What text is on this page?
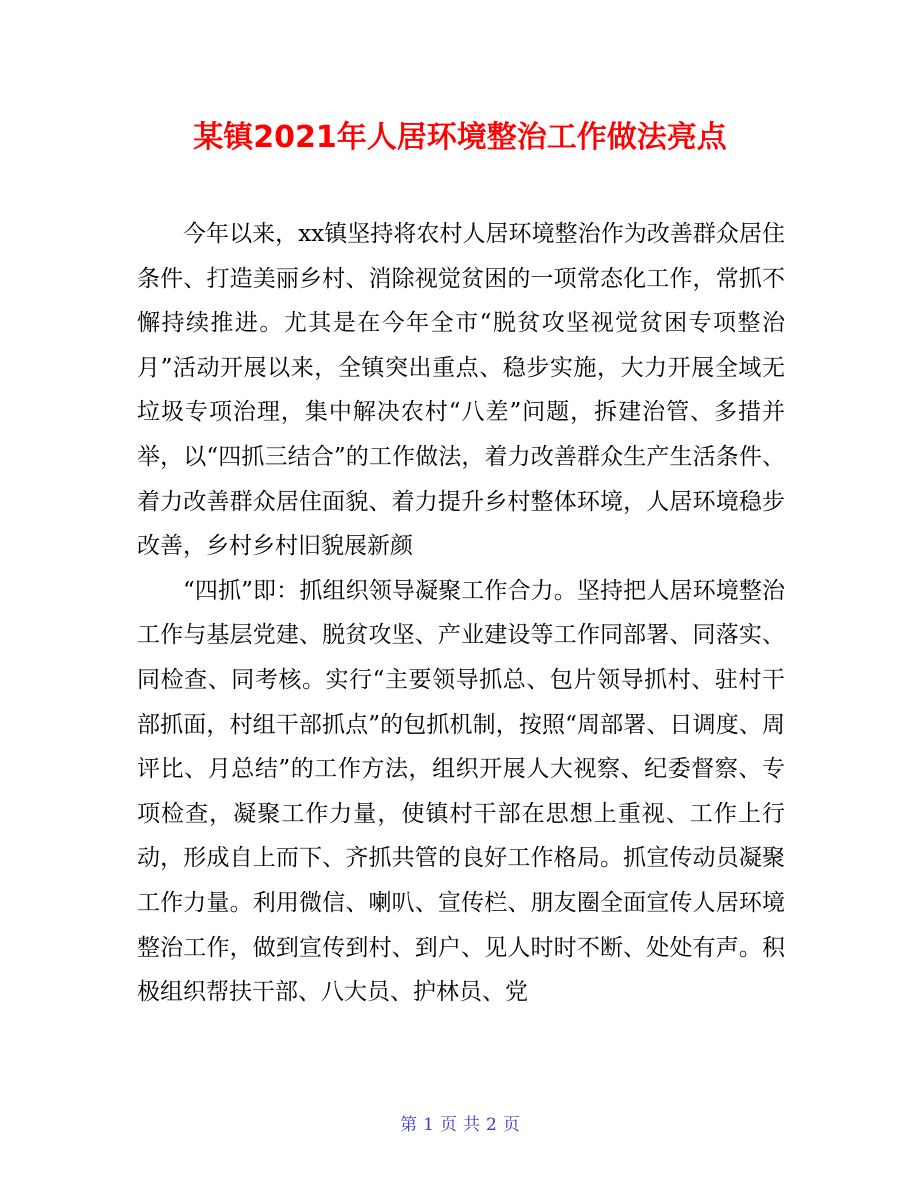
某镇2021年人居环境整治工作做法亮点

今年以来，xx镇坚持将农村人居环境整治作为改善群众居住条件、打造美丽乡村、消除视觉贫困的一项常态化工作，常抓不懈持续推进。尤其是在今年全市“脱贫攻坚视觉贫困专项整治月”活动开展以来，全镇突出重点、稳步实施，大力开展全域无垃圾专项治理，集中解决农村“八差”问题，拆建治管、多措并举，以“四抓三结合”的工作做法，着力改善群众生产生活条件、着力改善群众居住面貌、着力提升乡村整体环境，人居环境稳步改善，乡村乡村旧貌展新颜

“四抓”即：抓组织领导凝聚工作合力。坚持把人居环境整治工作与基层党建、脱贫攻坚、产业建设等工作同部署、同落实、同检查、同考核。实行“主要领导抓总、包片领导抓村、驻村干部抓面，村组干部抓点”的包抓机制，按照“周部署、日调度、周评比、月总结”的工作方法，组织开展人大视察、纪委督察、专项检查，凝聚工作力量，使镇村干部在思想上重视、工作上行动，形成自上而下、齐抓共管的良好工作格局。抓宣传动员凝聚工作力量。利用微信、喇叭、宣传栏、朋友圈全面宣传人居环境整治工作，做到宣传到村、到户、见人时时不断、处处有声。积极组织帮扶干部、八大员、护林员、党

第 1 页 共 2 页
